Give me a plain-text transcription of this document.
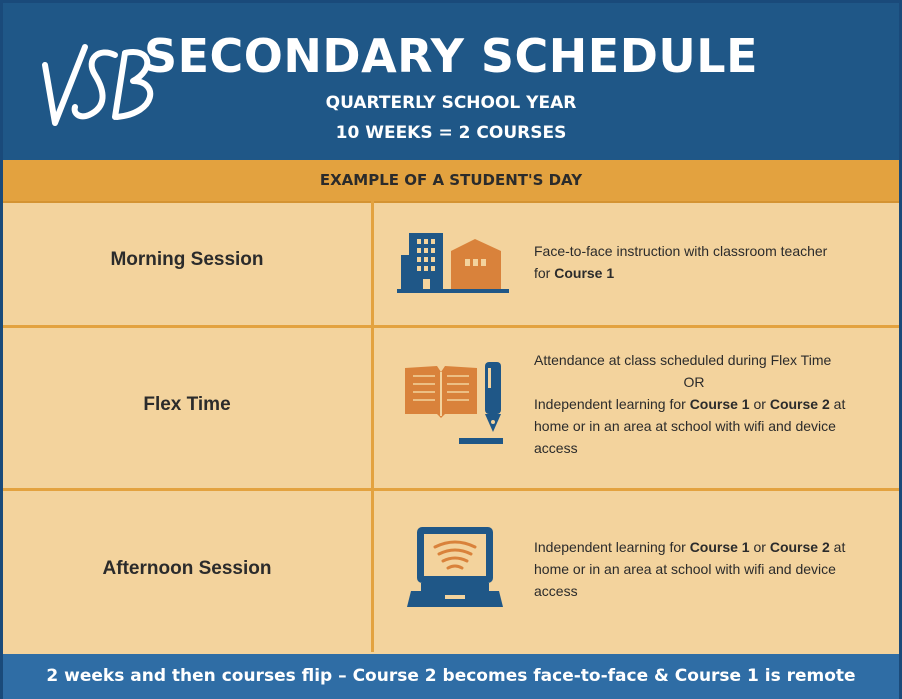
SECONDARY SCHEDULE
QUARTERLY SCHOOL YEAR
10 WEEKS = 2 COURSES
EXAMPLE OF A STUDENT'S DAY
Morning Session	Face-to-face instruction with classroom teacher
for Course 1
Flex Time
Attendance at class scheduled during Flex Time

OR
Independent learning for Course 1 or Course 2 at
home or in an area at school with wifi and device
access
Afternoon Session
Independent learning for Course 1 or Course 2 at
home or in an area at school with wifi and device
access
2 weeks and then courses flip – Course 2 becomes face-to-face & Course 1 is remote
